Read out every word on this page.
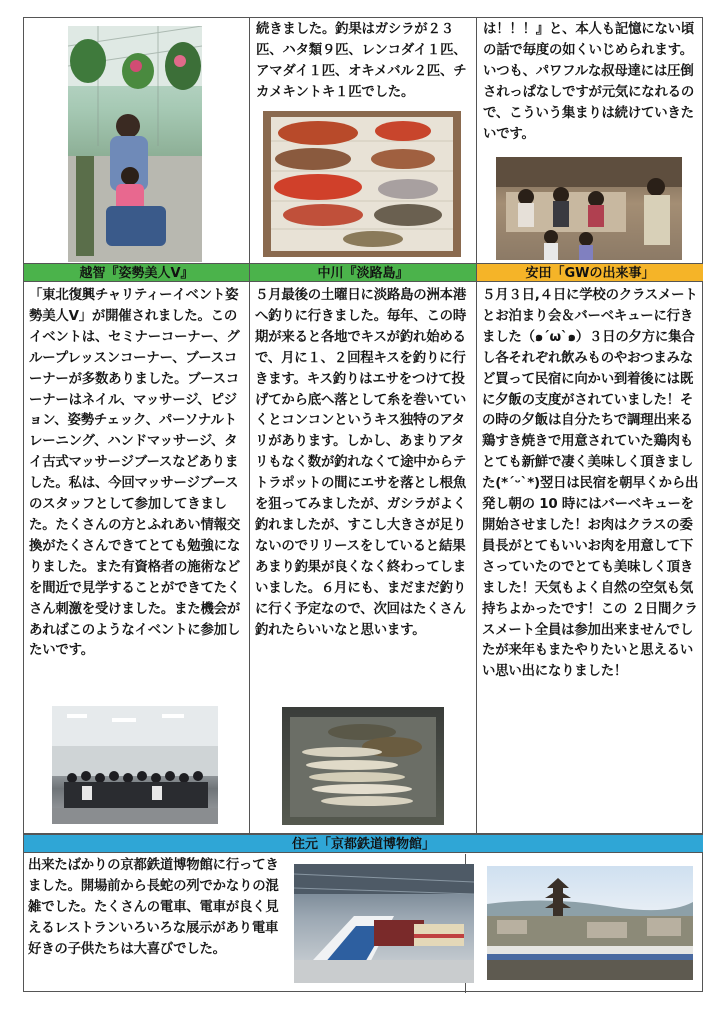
続きました。釣果はガシラが２３匹、ハタ類９匹、レンコダイ１匹、アマダイ１匹、オキメバル２匹、チカメキントキ１匹でした。
は！！！』と、本人も記憶にない頃の話で毎度の如くいじめられます。いつも、パワフルな叔母達には圧倒されっぱなしですが元気になれるので、こういう集まりは続けていきたいです。
越智『姿勢美人Ⅴ』	中川『淡路島』	安田「GWの出来事」
「東北復興チャリティーイベント姿勢美人Ⅴ」が開催されました。このイベントは、セミナーコーナー、グループレッスンコーナー、ブースコーナーが多数ありました。ブースコーナーはネイル、マッサージ、ピジョン、姿勢チェック、パーソナルトレーニング、ハンドマッサージ、タイ古式マッサージブースなどありました。私は、今回マッサージブースのスタッフとして参加してきました。たくさんの方とふれあい情報交換がたくさんできてとても勉強になりました。また有資格者の施術などを間近で見学することができてたくさん刺激を受けました。また機会があればこのようなイベントに参加したいです。
５月最後の土曜日に淡路島の洲本港へ釣りに行きました。毎年、この時期が来ると各地でキスが釣れ始めるで、月に１、２回程キスを釣りに行きます。キス釣りはエサをつけて投げてから底へ落として糸を巻いていくとコンコンというキス独特のアタリがあります。しかし、あまりアタリもなく数が釣れなくて途中からテトラポットの間にエサを落とし根魚を狙ってみましたが、ガシラがよく釣れましたが、すこし大きさが足りないのでリリースをしていると結果あまり釣果が良くなく終わってしまいました。６月にも、まだまだ釣りに行く予定なので、次回はたくさん釣れたらいいなと思います。
５月３日,４日に学校のクラスメートとお泊まり会＆バーベキューに行きました（๑´ω`๑）３日の夕方に集合し各それぞれ飲みものやおつまみなど買って民宿に向かい到着後には既に夕飯の支度がされていました！その時の夕飯は自分たちで調理出来る鶏すき焼きで用意されていた鶏肉もとても新鮮で凄く美味しく頂きました(*´ᵕ`*)翌日は民宿を朝早くから出発し朝の 10 時にはバーベキューを開始させました！お肉はクラスの委員長がとてもいいお肉を用意して下さっていたのでとても美味しく頂きました！天気もよく自然の空気も気持ちよかったです！この ２日間クラスメート全員は参加出来ませんでしたが来年もまたやりたいと思えるいい思い出になりました！
住元「京都鉄道博物館」
出来たばかりの京都鉄道博物館に行ってきました。開場前から長蛇の列でかなりの混雑でした。たくさんの電車、電車が良く見えるレストランいろいろな展示があり電車好きの子供たちは大喜びでした。
